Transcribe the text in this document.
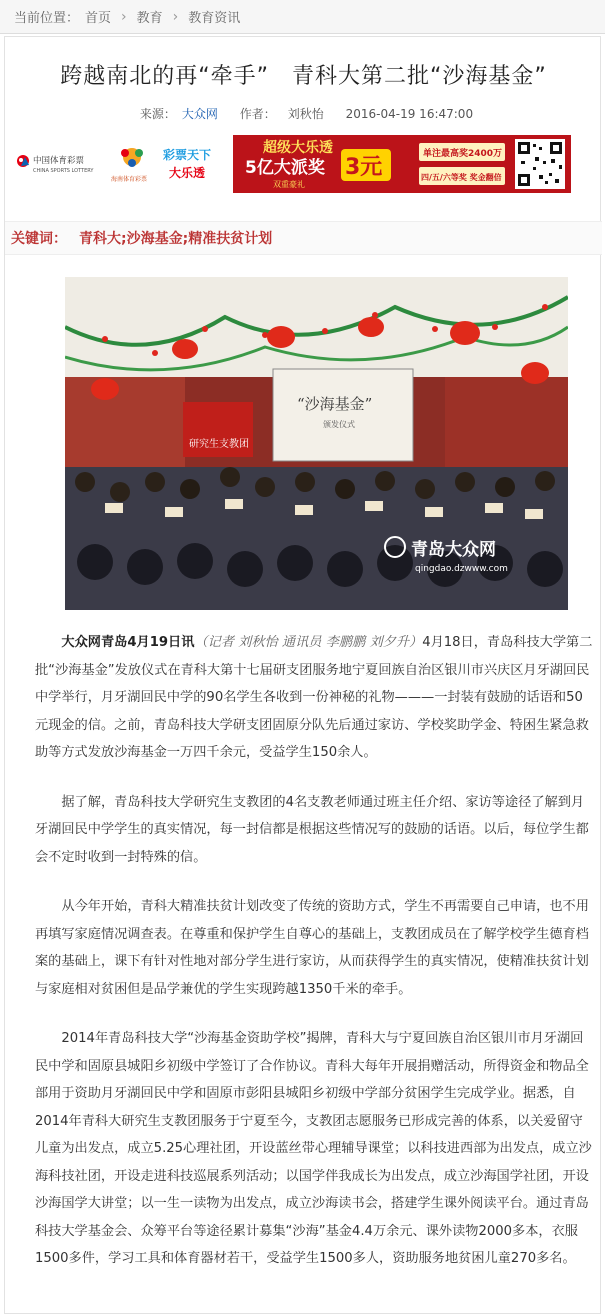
当前位置： 首页 › 教育 › 教育资讯
跨越南北的再“牵手”　青科大第二批“沙海基金”
来源： 大众网 作者： 刘秋怡 2016-04-19 16:47:00
中国体育彩票
CHINA SPORTS LOTTERY
海南体育彩票
彩票天下
大乐透
超级大乐透
5亿大派奖
双重豪礼
3元
单注最高奖2400万
四/五/六等奖 奖金翻倍
关键词： 青科大;沙海基金;精准扶贫计划
研究生支教团
“沙海基金”
颁发仪式
青岛大众网
qingdao.dzwww.com

大众网青岛4月19日讯（记者 刘秋怡 通讯员 李鹏鹏 刘夕升）4月18日，青岛科技大学第二批“沙海基金”发放仪式在青科大第十七届研支团服务地宁夏回族自治区银川市兴庆区月牙湖回民中学举行，月牙湖回民中学的90名学生各收到一份神秘的礼物———一封装有鼓励的话语和50元现金的信。之前，青岛科技大学研支团固原分队先后通过家访、学校奖助学金、特困生紧急救助等方式发放沙海基金一万四千余元，受益学生150余人。

据了解，青岛科技大学研究生支教团的4名支教老师通过班主任介绍、家访等途径了解到月牙湖回民中学学生的真实情况，每一封信都是根据这些情况写的鼓励的话语。以后，每位学生都会不定时收到一封特殊的信。

从今年开始，青科大精准扶贫计划改变了传统的资助方式，学生不再需要自己申请，也不用再填写家庭情况调查表。在尊重和保护学生自尊心的基础上，支教团成员在了解学校学生德育档案的基础上，课下有针对性地对部分学生进行家访，从而获得学生的真实情况，使精准扶贫计划与家庭相对贫困但是品学兼优的学生实现跨越1350千米的牵手。

2014年青岛科技大学“沙海基金资助学校”揭牌，青科大与宁夏回族自治区银川市月牙湖回民中学和固原县城阳乡初级中学签订了合作协议。青科大每年开展捐赠活动，所得资金和物品全部用于资助月牙湖回民中学和固原市彭阳县城阳乡初级中学部分贫困学生完成学业。据悉，自2014年青科大研究生支教团服务于宁夏至今，支教团志愿服务已形成完善的体系，以关爱留守儿童为出发点，成立5.25心理社团，开设蓝丝带心理辅导课堂；以科技进西部为出发点，成立沙海科技社团，开设走进科技巡展系列活动；以国学伴我成长为出发点，成立沙海国学社团，开设沙海国学大讲堂；以一生一读物为出发点，成立沙海读书会，搭建学生课外阅读平台。通过青岛科技大学基金会、众筹平台等途径累计募集“沙海”基金4.4万余元、课外读物2000多本，衣服1500多件，学习工具和体育器材若干，受益学生1500多人，资助服务地贫困儿童270多名。
